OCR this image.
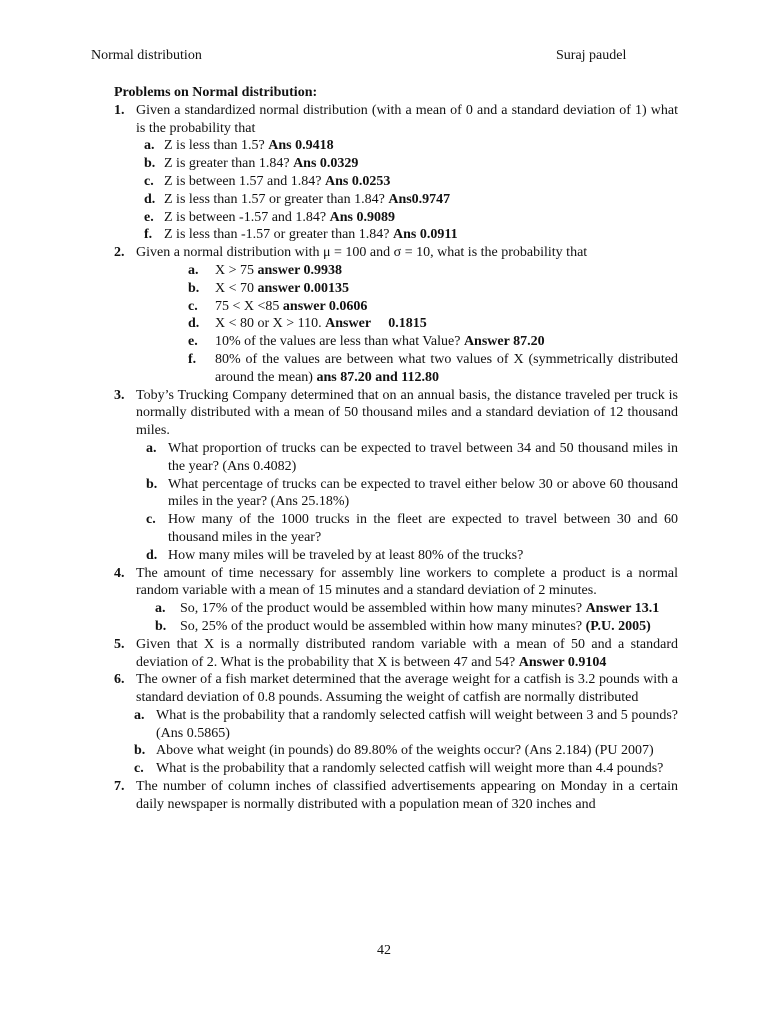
Normal distribution	Suraj paudel
Problems on Normal distribution:
1. Given a standardized normal distribution (with a mean of 0 and a standard deviation of 1) what is the probability that
a. Z is less than 1.5? Ans 0.9418
b. Z is greater than 1.84? Ans 0.0329
c. Z is between 1.57 and 1.84? Ans 0.0253
d. Z is less than 1.57 or greater than 1.84? Ans0.9747
e. Z is between -1.57 and 1.84? Ans 0.9089
f. Z is less than -1.57 or greater than 1.84? Ans 0.0911
2. Given a normal distribution with μ = 100 and σ = 10, what is the probability that
a.	X > 75 answer 0.9938
b.	X < 70 answer 0.00135
c.	75 < X <85 answer 0.0606
d.	X < 80 or X > 110. Answer     0.1815
e.	10% of the values are less than what Value? Answer 87.20
f.	80% of the values are between what two values of X (symmetrically distributed around the mean) ans 87.20 and 112.80
3. Toby’s Trucking Company determined that on an annual basis, the distance traveled per truck is normally distributed with a mean of 50 thousand miles and a standard deviation of 12 thousand miles.
a. What proportion of trucks can be expected to travel between 34 and 50 thousand miles in the year? (Ans 0.4082)
b. What percentage of trucks can be expected to travel either below 30 or above 60 thousand miles in the year? (Ans 25.18%)
c. How many of the 1000 trucks in the fleet are expected to travel between 30 and 60 thousand miles in the year?
d. How many miles will be traveled by at least 80% of the trucks?
4. The amount of time necessary for assembly line workers to complete a product is a normal random variable with a mean of 15 minutes and a standard deviation of 2 minutes.
a.	So, 17% of the product would be assembled within how many minutes? Answer 13.1
b. So, 25% of the product would be assembled within how many minutes? (P.U. 2005)
5. Given that X is a normally distributed random variable with a mean of 50 and a standard deviation of 2. What is the probability that X is between 47 and 54? Answer 0.9104
6. The owner of a fish market determined that the average weight for a catfish is 3.2 pounds with a standard deviation of 0.8 pounds. Assuming the weight of catfish are normally distributed
a. What is the probability that a randomly selected catfish will weight between 3 and 5 pounds? (Ans 0.5865)
b. Above what weight (in pounds) do 89.80% of the weights occur? (Ans 2.184) (PU 2007)
c. What is the probability that a randomly selected catfish will weight more than 4.4 pounds?
7. The number of column inches of classified advertisements appearing on Monday in a certain daily newspaper is normally distributed with a population mean of 320 inches and
42
